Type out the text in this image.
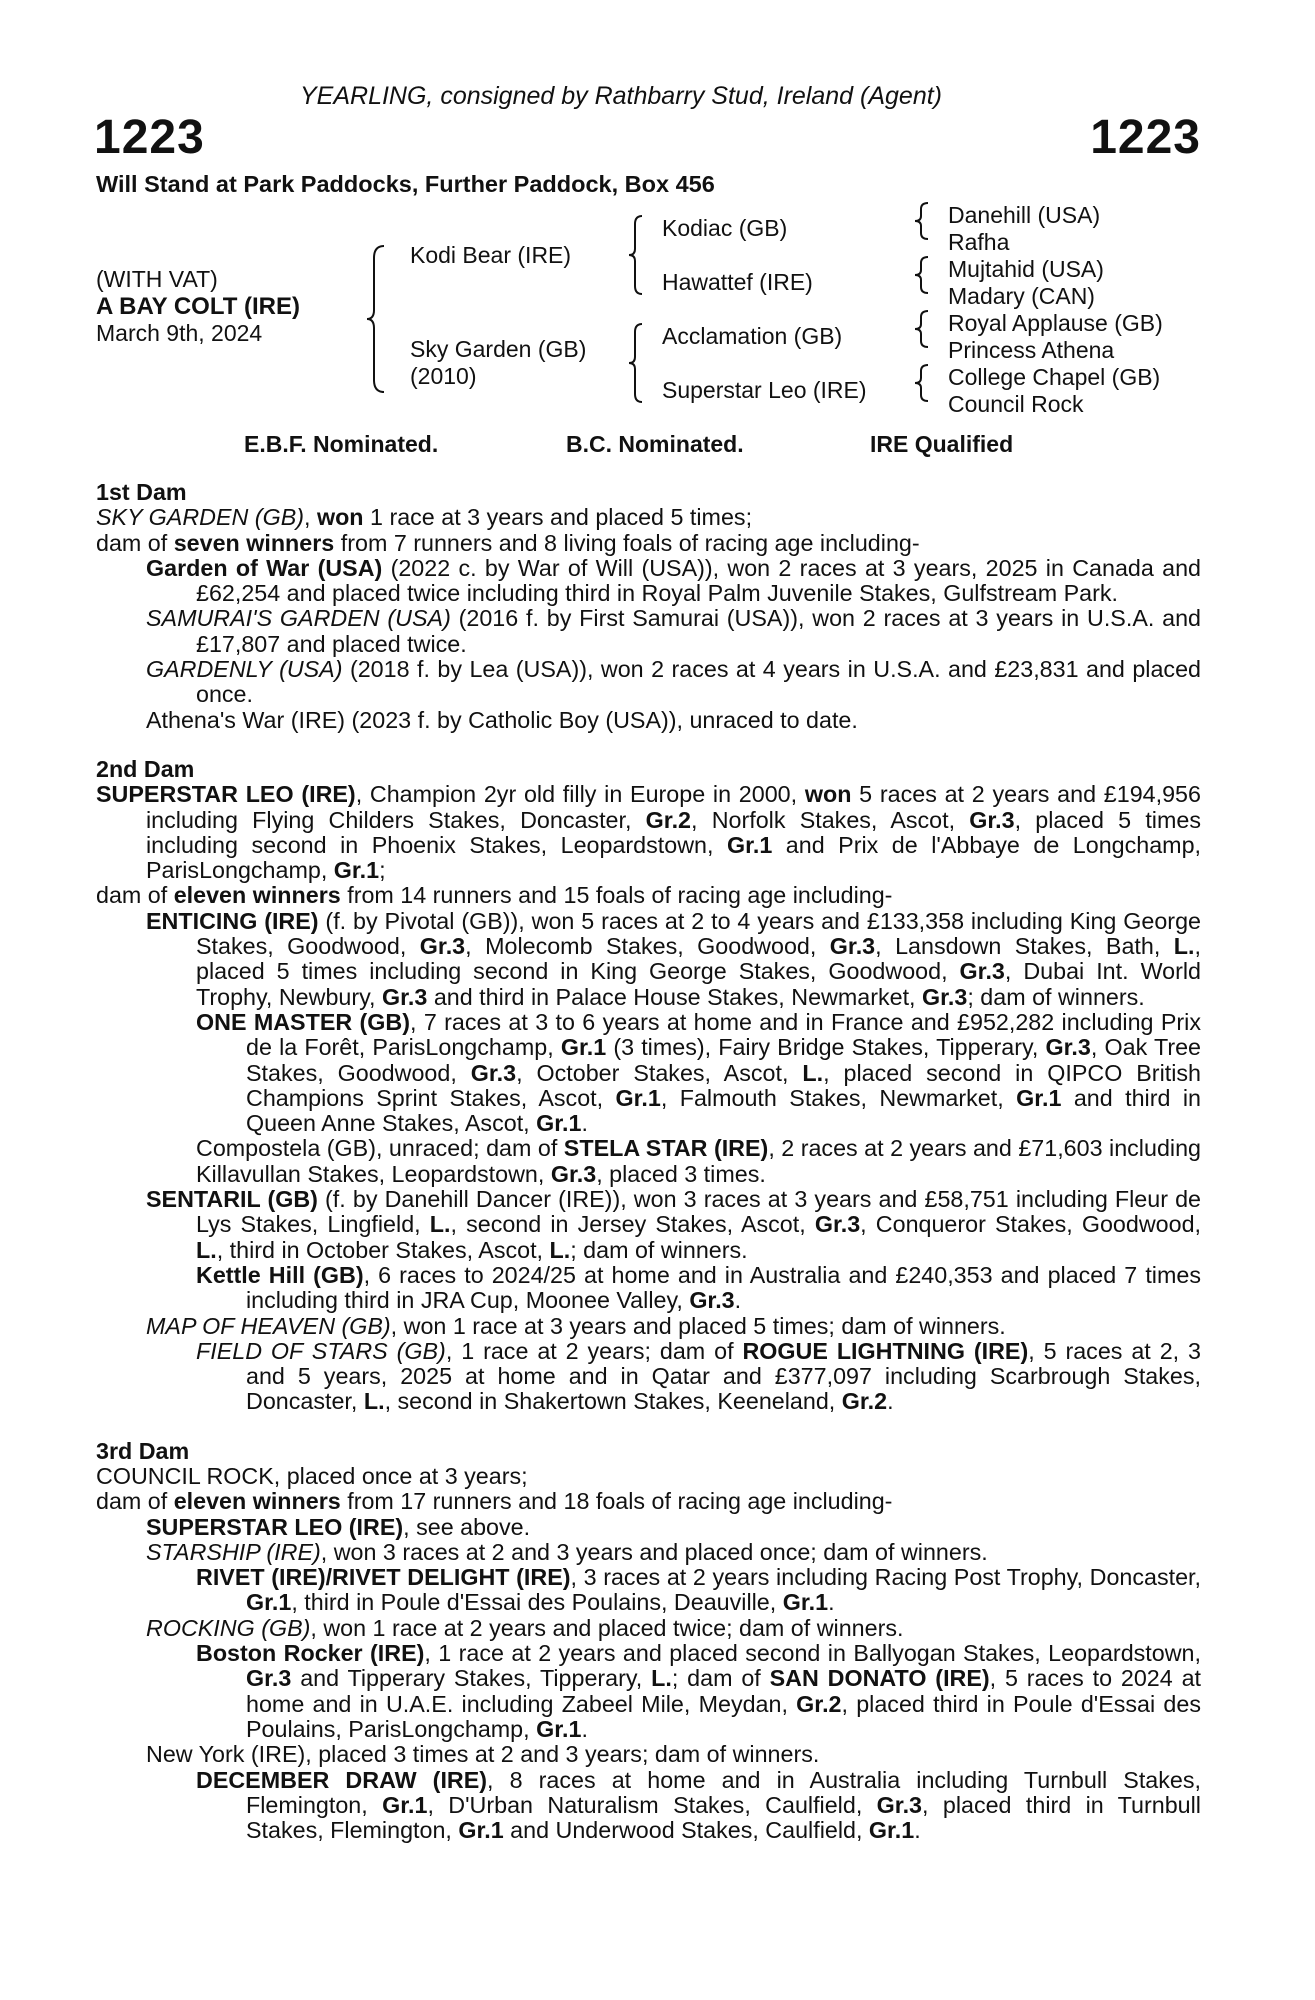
YEARLING, consigned by Rathbarry Stud, Ireland (Agent)

1223	1223
Will Stand at Park Paddocks, Further Paddock, Box 456
(WITH VAT)
A BAY COLT (IRE)
March 9th, 2024
Kodi Bear (IRE)
Sky Garden (GB)
(2010)
Kodiac (GB)
Hawattef (IRE)
Acclamation (GB)
Superstar Leo (IRE)
Danehill (USA)
Rafha
Mujtahid (USA)
Madary (CAN)
Royal Applause (GB)
Princess Athena
College Chapel (GB)
Council Rock
E.B.F. Nominated.	B.C. Nominated.	IRE Qualified
1st Dam

SKY GARDEN (GB), won 1 race at 3 years and placed 5 times;

dam of seven winners from 7 runners and 8 living foals of racing age including-

Garden of War (USA) (2022 c. by War of Will (USA)), won 2 races at 3 years, 2025 in Canada and £62,254 and placed twice including third in Royal Palm Juvenile Stakes, Gulfstream Park.

SAMURAI'S GARDEN (USA) (2016 f. by First Samurai (USA)), won 2 races at 3 years in U.S.A. and £17,807 and placed twice.

GARDENLY (USA) (2018 f. by Lea (USA)), won 2 races at 4 years in U.S.A. and £23,831 and placed once.

Athena's War (IRE) (2023 f. by Catholic Boy (USA)), unraced to date.

2nd Dam

SUPERSTAR LEO (IRE), Champion 2yr old filly in Europe in 2000, won 5 races at 2 years and £194,956 including Flying Childers Stakes, Doncaster, Gr.2, Norfolk Stakes, Ascot, Gr.3, placed 5 times including second in Phoenix Stakes, Leopardstown, Gr.1 and Prix de l'Abbaye de Longchamp, ParisLongchamp, Gr.1;

dam of eleven winners from 14 runners and 15 foals of racing age including-

ENTICING (IRE) (f. by Pivotal (GB)), won 5 races at 2 to 4 years and £133,358 including King George Stakes, Goodwood, Gr.3, Molecomb Stakes, Goodwood, Gr.3, Lansdown Stakes, Bath, L., placed 5 times including second in King George Stakes, Goodwood, Gr.3, Dubai Int. World Trophy, Newbury, Gr.3 and third in Palace House Stakes, Newmarket, Gr.3; dam of winners.

ONE MASTER (GB), 7 races at 3 to 6 years at home and in France and £952,282 including Prix de la Forêt, ParisLongchamp, Gr.1 (3 times), Fairy Bridge Stakes, Tipperary, Gr.3, Oak Tree Stakes, Goodwood, Gr.3, October Stakes, Ascot, L., placed second in QIPCO British Champions Sprint Stakes, Ascot, Gr.1, Falmouth Stakes, Newmarket, Gr.1 and third in Queen Anne Stakes, Ascot, Gr.1.

Compostela (GB), unraced; dam of STELA STAR (IRE), 2 races at 2 years and £71,603 including Killavullan Stakes, Leopardstown, Gr.3, placed 3 times.

SENTARIL (GB) (f. by Danehill Dancer (IRE)), won 3 races at 3 years and £58,751 including Fleur de Lys Stakes, Lingfield, L., second in Jersey Stakes, Ascot, Gr.3, Conqueror Stakes, Goodwood, L., third in October Stakes, Ascot, L.; dam of winners.

Kettle Hill (GB), 6 races to 2024/25 at home and in Australia and £240,353 and placed 7 times including third in JRA Cup, Moonee Valley, Gr.3.

MAP OF HEAVEN (GB), won 1 race at 3 years and placed 5 times; dam of winners.

FIELD OF STARS (GB), 1 race at 2 years; dam of ROGUE LIGHTNING (IRE), 5 races at 2, 3 and 5 years, 2025 at home and in Qatar and £377,097 including Scarbrough Stakes, Doncaster, L., second in Shakertown Stakes, Keeneland, Gr.2.

3rd Dam

COUNCIL ROCK, placed once at 3 years;

dam of eleven winners from 17 runners and 18 foals of racing age including-

SUPERSTAR LEO (IRE), see above.

STARSHIP (IRE), won 3 races at 2 and 3 years and placed once; dam of winners.

RIVET (IRE)/RIVET DELIGHT (IRE), 3 races at 2 years including Racing Post Trophy, Doncaster, Gr.1, third in Poule d'Essai des Poulains, Deauville, Gr.1.

ROCKING (GB), won 1 race at 2 years and placed twice; dam of winners.

Boston Rocker (IRE), 1 race at 2 years and placed second in Ballyogan Stakes, Leopardstown, Gr.3 and Tipperary Stakes, Tipperary, L.; dam of SAN DONATO (IRE), 5 races to 2024 at home and in U.A.E. including Zabeel Mile, Meydan, Gr.2, placed third in Poule d'Essai des Poulains, ParisLongchamp, Gr.1.

New York (IRE), placed 3 times at 2 and 3 years; dam of winners.

DECEMBER DRAW (IRE), 8 races at home and in Australia including Turnbull Stakes, Flemington, Gr.1, D'Urban Naturalism Stakes, Caulfield, Gr.3, placed third in Turnbull Stakes, Flemington, Gr.1 and Underwood Stakes, Caulfield, Gr.1.
